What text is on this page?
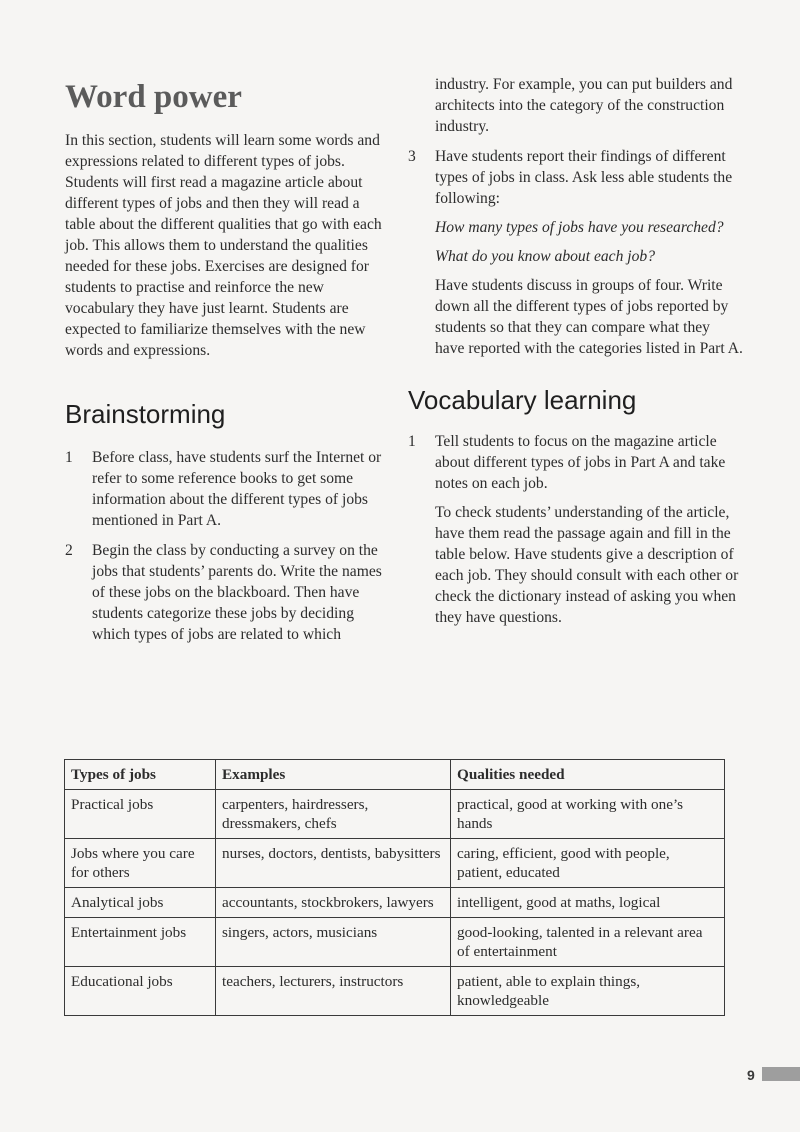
Word power

In this section, students will learn some words and expressions related to different types of jobs. Students will first read a magazine article about different types of jobs and then they will read a table about the different qualities that go with each job. This allows them to understand the qualities needed for these jobs. Exercises are designed for students to practise and reinforce the new vocabulary they have just learnt. Students are expected to familiarize themselves with the new words and expressions.

Brainstorming
1	Before class, have students surf the Internet or refer to some reference books to get some information about the different types of jobs mentioned in Part A.

2	Begin the class by conducting a survey on the jobs that students’ parents do. Write the names of these jobs on the blackboard. Then have students categorize these jobs by deciding which types of jobs are related to which

industry. For example, you can put builders and architects into the category of the construction industry.

3	Have students report their findings of different types of jobs in class. Ask less able students the following:

How many types of jobs have you researched?

What do you know about each job?

Have students discuss in groups of four. Write down all the different types of jobs reported by students so that they can compare what they have reported with the categories listed in Part A.

Vocabulary learning
1	Tell students to focus on the magazine article about different types of jobs in Part A and take notes on each job.

To check students’ understanding of the article, have them read the passage again and fill in the table below. Have students give a description of each job. They should consult with each other or check the dictionary instead of asking you when they have questions.

Types of jobs	Examples	Qualities needed
Practical jobs	carpenters, hairdressers, dressmakers, chefs	practical, good at working with one’s hands
Jobs where you care for others	nurses, doctors, dentists, babysitters	caring, efficient, good with people, patient, educated
Analytical jobs	accountants, stockbrokers, lawyers	intelligent, good at maths, logical
Entertainment jobs	singers, actors, musicians	good-looking, talented in a relevant area of entertainment
Educational jobs	teachers, lecturers, instructors	patient, able to explain things, knowledgeable
9
